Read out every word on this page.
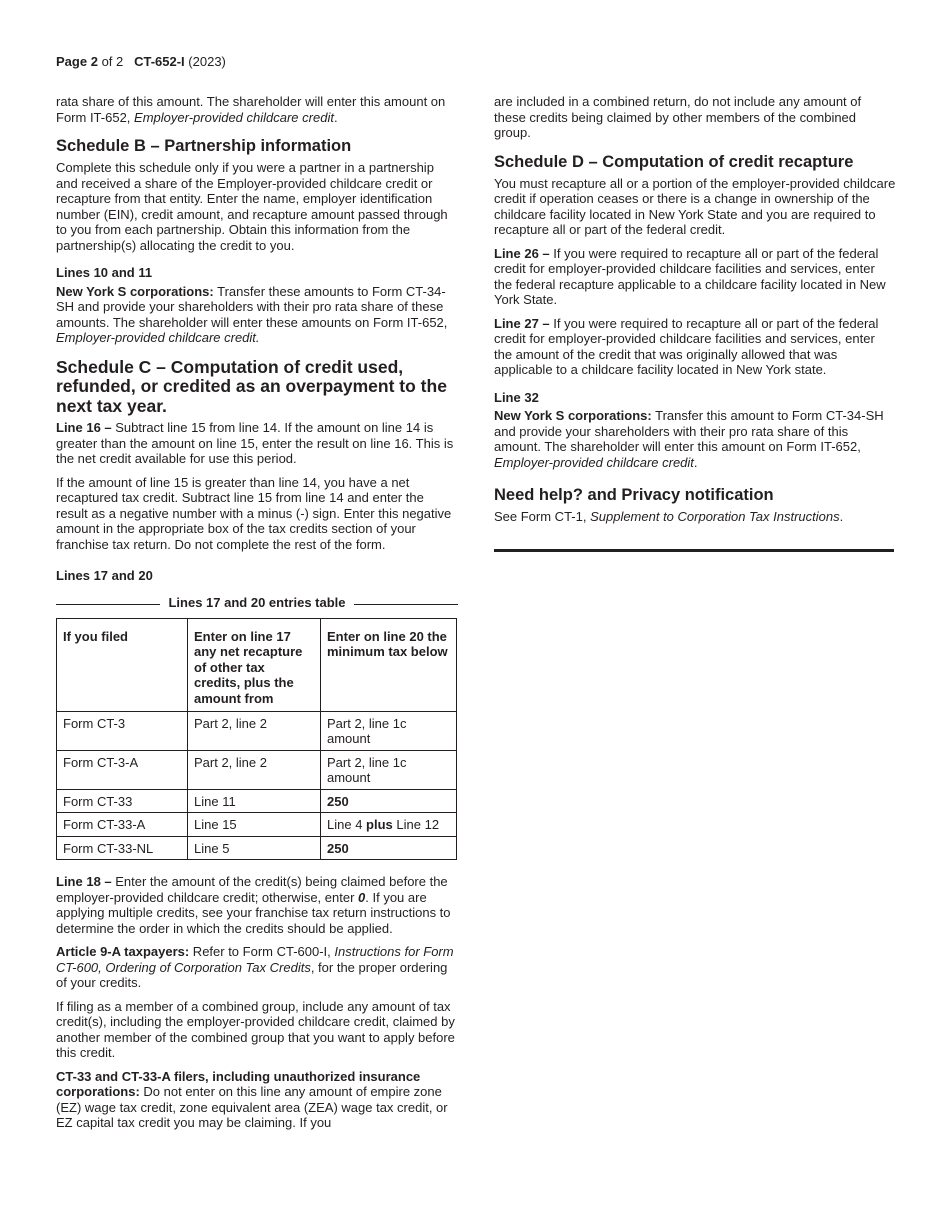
Page 2 of 2 CT-652-I (2023)

rata share of this amount. The shareholder will enter this amount on Form IT-652, Employer-provided childcare credit.

Schedule B – Partnership information

Complete this schedule only if you were a partner in a partnership and received a share of the Employer-provided childcare credit or recapture from that entity. Enter the name, employer identification number (EIN), credit amount, and recapture amount passed through to you from each partnership. Obtain this information from the partnership(s) allocating the credit to you.

Lines 10 and 11

New York S corporations: Transfer these amounts to Form CT-34-SH and provide your shareholders with their pro rata share of these amounts. The shareholder will enter these amounts on Form IT-652, Employer-provided childcare credit.

Schedule C – Computation of credit used, refunded, or credited as an overpayment to the next tax year.

Line 16 – Subtract line 15 from line 14. If the amount on line 14 is greater than the amount on line 15, enter the result on line 16. This is the net credit available for use this period.

If the amount of line 15 is greater than line 14, you have a net recaptured tax credit. Subtract line 15 from line 14 and enter the result as a negative number with a minus (-) sign. Enter this negative amount in the appropriate box of the tax credits section of your franchise tax return. Do not complete the rest of the form.

Lines 17 and 20
Lines 17 and 20 entries table
If you filed	Enter on line 17 any net recapture of other tax credits, plus the amount from	Enter on line 20 the minimum tax below
Form CT-3	Part 2, line 2	Part 2, line 1c amount
Form CT-3-A	Part 2, line 2	Part 2, line 1c amount
Form CT-33	Line 11	250
Form CT-33-A	Line 15	Line 4 plus Line 12
Form CT-33-NL	Line 5	250

Line 18 – Enter the amount of the credit(s) being claimed before the employer-provided childcare credit; otherwise, enter 0. If you are applying multiple credits, see your franchise tax return instructions to determine the order in which the credits should be applied.

Article 9-A taxpayers: Refer to Form CT-600-I, Instructions for Form CT-600, Ordering of Corporation Tax Credits, for the proper ordering of your credits.

If filing as a member of a combined group, include any amount of tax credit(s), including the employer-provided childcare credit, claimed by another member of the combined group that you want to apply before this credit.

CT-33 and CT-33-A filers, including unauthorized insurance corporations: Do not enter on this line any amount of empire zone (EZ) wage tax credit, zone equivalent area (ZEA) wage tax credit, or EZ capital tax credit you may be claiming. If you

are included in a combined return, do not include any amount of these credits being claimed by other members of the combined group.

Schedule D – Computation of credit recapture

You must recapture all or a portion of the employer-provided childcare credit if operation ceases or there is a change in ownership of the childcare facility located in New York State and you are required to recapture all or part of the federal credit.

Line 26 – If you were required to recapture all or part of the federal credit for employer-provided childcare facilities and services, enter the federal recapture applicable to a childcare facility located in New York State.

Line 27 – If you were required to recapture all or part of the federal credit for employer-provided childcare facilities and services, enter the amount of the credit that was originally allowed that was applicable to a childcare facility located in New York state.

Line 32

New York S corporations: Transfer this amount to Form CT-34-SH and provide your shareholders with their pro rata share of this amount. The shareholder will enter this amount on Form IT-652, Employer-provided childcare credit.

Need help? and Privacy notification

See Form CT-1, Supplement to Corporation Tax Instructions.
